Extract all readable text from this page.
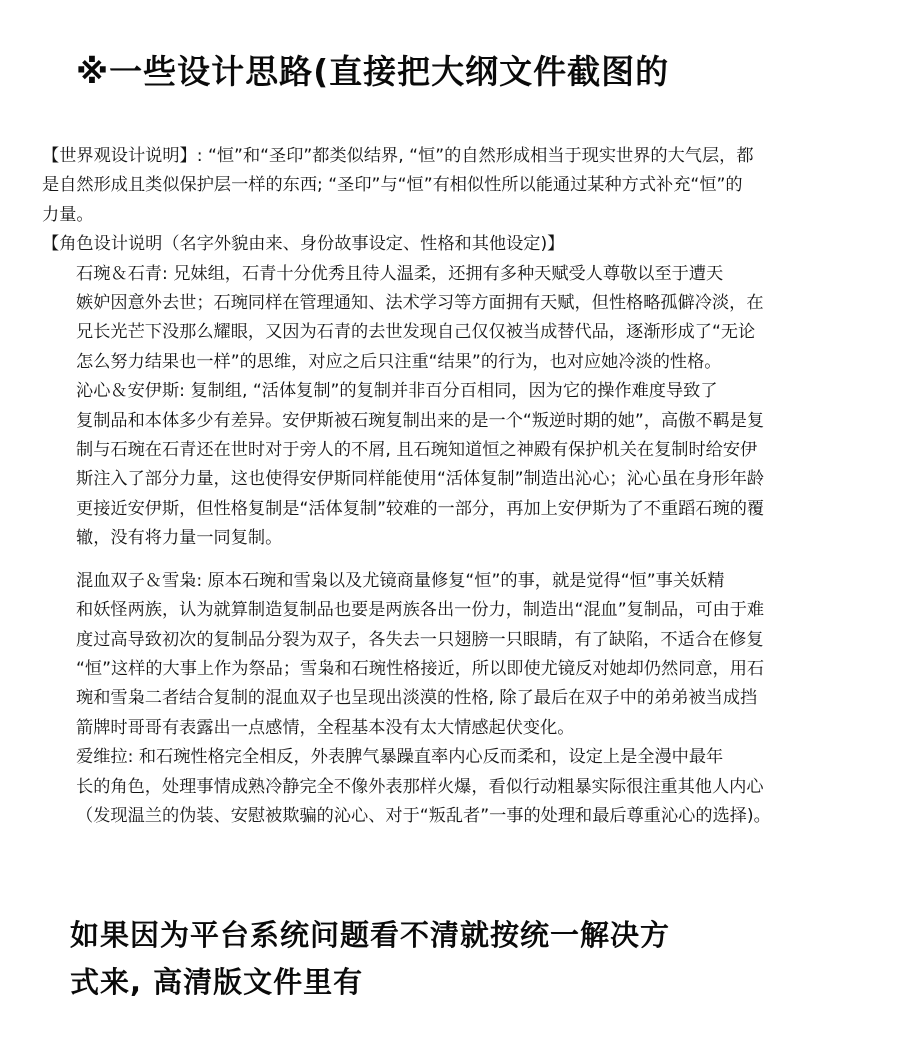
※一些设计思路(直接把大纲文件截图的

【世界观设计说明】: “恒”和“圣印”都类似结界, “恒”的自然形成相当于现实世界的大气层，都
是自然形成且类似保护层一样的东西; “圣印”与“恒”有相似性所以能通过某种方式补充“恒”的
力量。

【角色设计说明（名字外貌由来、身份故事设定、性格和其他设定)】

石琬＆石青: 兄妹组，石青十分优秀且待人温柔，还拥有多种天赋受人尊敬以至于遭天
嫉妒因意外去世；石琬同样在管理通知、法术学习等方面拥有天赋，但性格略孤僻冷淡，在
兄长光芒下没那么耀眼，又因为石青的去世发现自己仅仅被当成替代品，逐渐形成了“无论
怎么努力结果也一样”的思维，对应之后只注重“结果”的行为，也对应她冷淡的性格。

沁心＆安伊斯: 复制组, “活体复制”的复制并非百分百相同，因为它的操作难度导致了
复制品和本体多少有差异。安伊斯被石琬复制出来的是一个“叛逆时期的她”，高傲不羁是复
制与石琬在石青还在世时对于旁人的不屑, 且石琬知道恒之神殿有保护机关在复制时给安伊
斯注入了部分力量，这也使得安伊斯同样能使用“活体复制”制造出沁心；沁心虽在身形年龄
更接近安伊斯，但性格复制是“活体复制”较难的一部分，再加上安伊斯为了不重蹈石琬的覆
辙，没有将力量一同复制。

混血双子＆雪枭: 原本石琬和雪枭以及尤镜商量修复“恒”的事，就是觉得“恒”事关妖精
和妖怪两族，认为就算制造复制品也要是两族各出一份力，制造出“混血”复制品，可由于难
度过高导致初次的复制品分裂为双子，各失去一只翅膀一只眼睛，有了缺陷，不适合在修复
“恒”这样的大事上作为祭品；雪枭和石琬性格接近，所以即使尤镜反对她却仍然同意，用石
琬和雪枭二者结合复制的混血双子也呈现出淡漠的性格, 除了最后在双子中的弟弟被当成挡
箭牌时哥哥有表露出一点感情，全程基本没有太大情感起伏变化。

爱维拉: 和石琬性格完全相反，外表脾气暴躁直率内心反而柔和，设定上是全漫中最年
长的角色，处理事情成熟冷静完全不像外表那样火爆，看似行动粗暴实际很注重其他人内心
（发现温兰的伪装、安慰被欺骗的沁心、对于“叛乱者”一事的处理和最后尊重沁心的选择)。

如果因为平台系统问题看不清就按统一解决方
式来, 高清版文件里有
